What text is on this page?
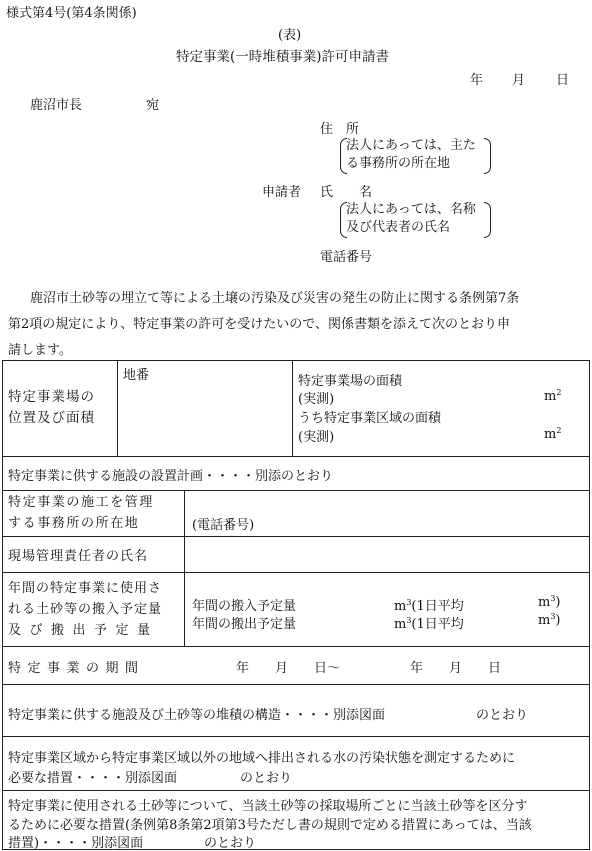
様式第4号(第4条関係)
(表)
特定事業(一時堆積事業)許可申請書
年 月 日
鹿沼市長	宛
住　所
法人にあっては、主た
る事務所の所在地
申請者 氏　　名
法人にあっては、名称
及び代表者の氏名
電話番号
鹿沼市土砂等の埋立て等による土壌の汚染及び災害の発生の防止に関する条例第7条
第2項の規定により、特定事業の許可を受けたいので、関係書類を添えて次のとおり申
請します。
特定事業場の
位置及び面積
地番	特定事業場の面積
(実測)	$m^2$
うち特定事業区域の面積
(実測)	$m^2$
特定事業に供する施設の設置計画・・・・別添のとおり
特定事業の施工を管理
する事務所の所在地	(電話番号)
現場管理責任者の氏名
年間の特定事業に使用さ
れる土砂等の搬入予定量
及び搬出予定量
年間の搬入予定量	$m^3(1$日平均	$m^3$)
年間の搬出予定量	$m^3(1$日平均	$m^3$)
特定事業の期間	年　　月　　日～	年　　月　　日
特定事業に供する施設及び土砂等の堆積の構造・・・・別添図面	のとおり
特定事業区域から特定事業区域以外の地域へ排出される水の汚染状態を測定するために
必要な措置・・・・別添図面	のとおり
特定事業に使用される土砂等について、当該土砂等の採取場所ごとに当該土砂等を区分す
るために必要な措置(条例第8条第2項第3号ただし書の規則で定める措置にあっては、当該
措置)・・・・別添図面	のとおり
